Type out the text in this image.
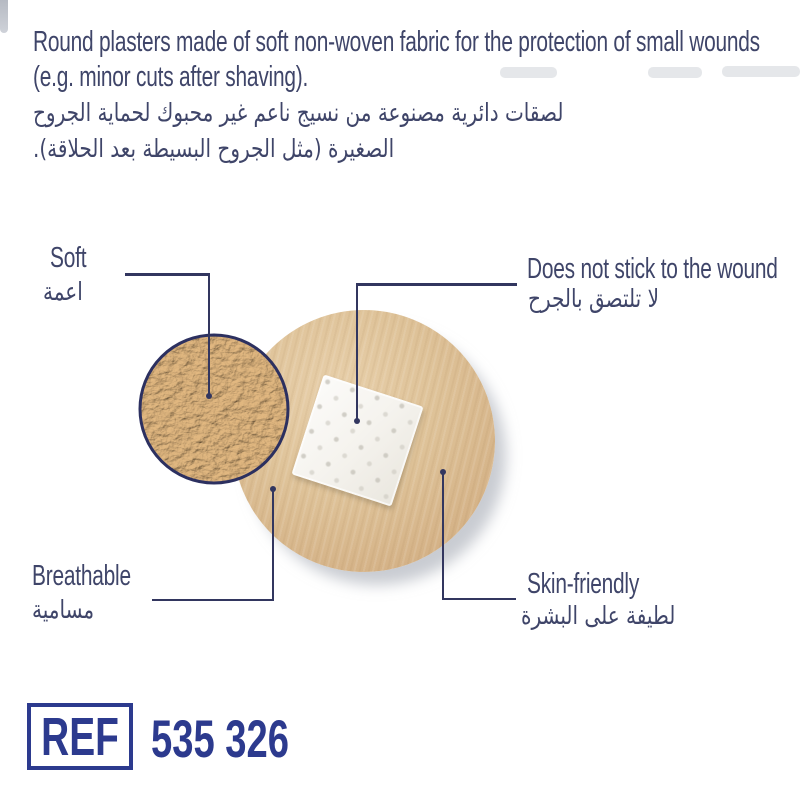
Round plasters made of soft non-woven fabric for the protection of small wounds
(e.g. minor cuts after shaving).
لصقات دائرية مصنوعة من نسيج ناعم غير محبوك لحماية الجروح
الصغيرة (مثل الجروح البسيطة بعد الحلاقة).
Soft
اعمة
Does not stick to the wound
لا تلتصق بالجرح
Breathable
مسامية
Skin-friendly
لطيفة على البشرة
REF 535 326
